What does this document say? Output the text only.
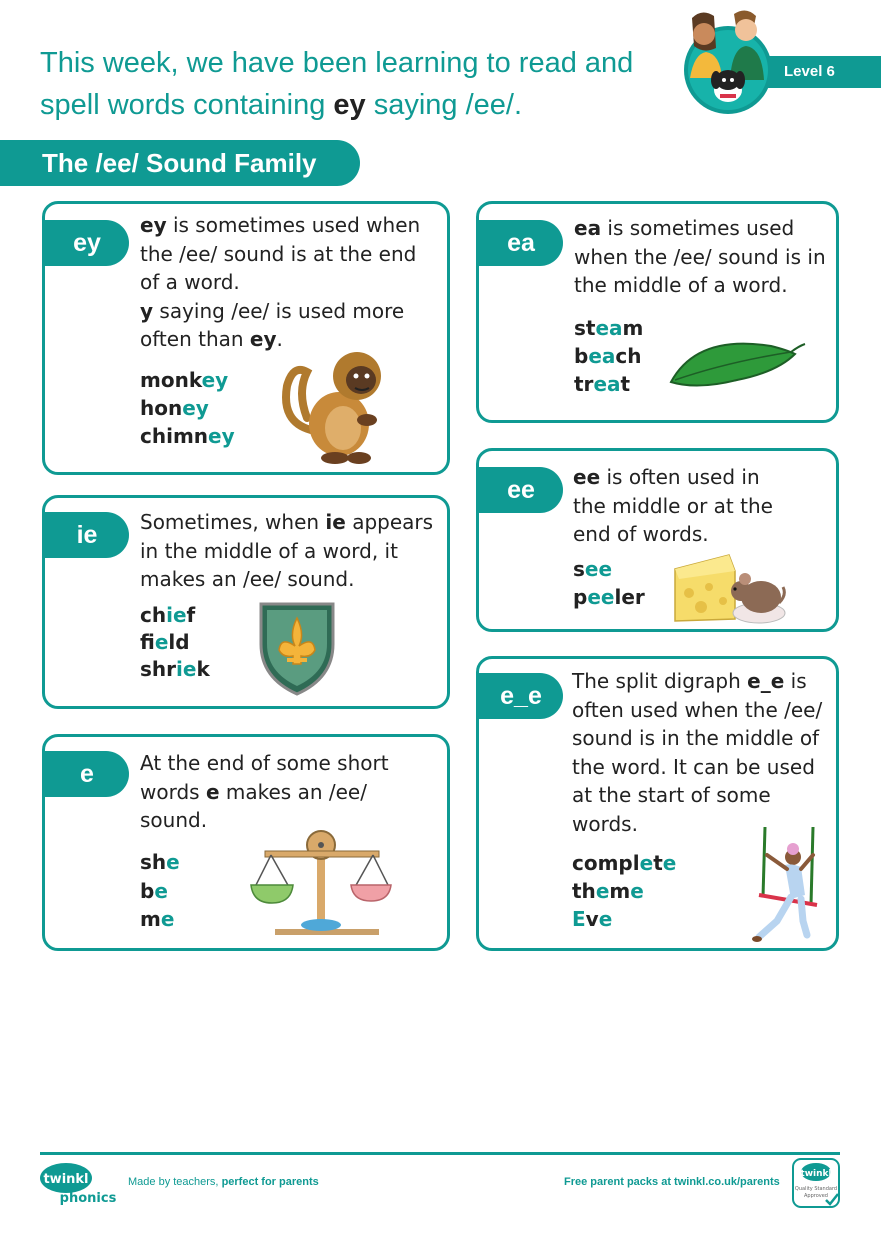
This week, we have been learning to read and
spell words containing ey saying /ee/.
Level 6
The /ee/ Sound Family
ey
ey is sometimes used when the /ee/ sound is at the end of a word.
y saying /ee/ is used more often than ey.
monkey
honey
chimney
ie	Sometimes, when ie appears in the middle of a word, it makes an /ee/ sound.
chief
field
shriek
e	At the end of some short words e makes an /ee/ sound.
she
be
me
ea
ea is sometimes used when the /ee/ sound is in the middle of a word.
steam
beach
treat
ee	ee is often used in the middle or at the end of words.
see
peeler
e_e
The split digraph e_e is often used when the /ee/ sound is in the middle of the word. It can be used at the start of some words.
complete
theme
Eve
twinkl
phonics
Made by teachers, perfect for parents	Free parent packs at twinkl.co.uk/parents
twinkl
Quality Standard
Approved
